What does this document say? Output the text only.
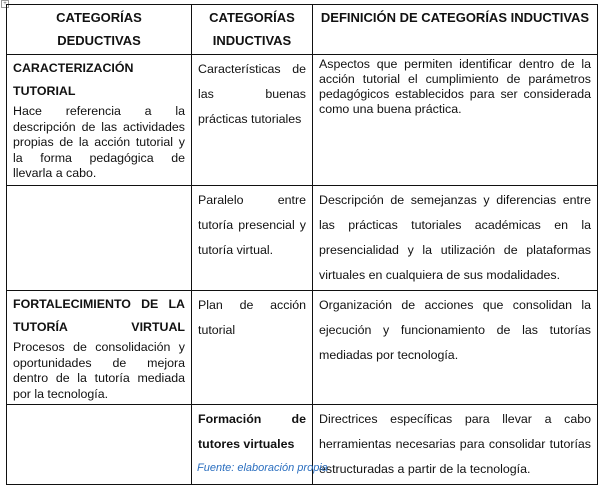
+
CATEGORÍAS DEDUCTIVAS	CATEGORÍAS INDUCTIVAS	DEFINICIÓN DE CATEGORÍAS INDUCTIVAS

CARACTERIZACIÓN TUTORIAL
Hace referencia a la descripción de las actividades propias de la acción tutorial y la forma pedagógica de llevarla a cabo.	Características de las buenas prácticas tutoriales	Aspectos que permiten identificar dentro de la acción tutorial el cumplimiento de parámetros pedagógicos establecidos para ser considerada como una buena práctica.

	Paralelo entre tutoría presencial y tutoría virtual.	Descripción de semejanzas y diferencias entre las prácticas tutoriales académicas en la presencialidad y la utilización de plataformas virtuales en cualquiera de sus modalidades.

FORTALECIMIENTO DE LA TUTORÍA VIRTUAL
Procesos de consolidación y oportunidades de mejora dentro de la tutoría mediada por la tecnología.	Plan de acción tutorial	Organización de acciones que consolidan la ejecución y funcionamiento de las tutorías mediadas por tecnología.

	Formación de tutores virtuales	Directrices específicas para llevar a cabo herramientas necesarias para consolidar tutorías estructuradas a partir de la tecnología.
Fuente: elaboración propia
